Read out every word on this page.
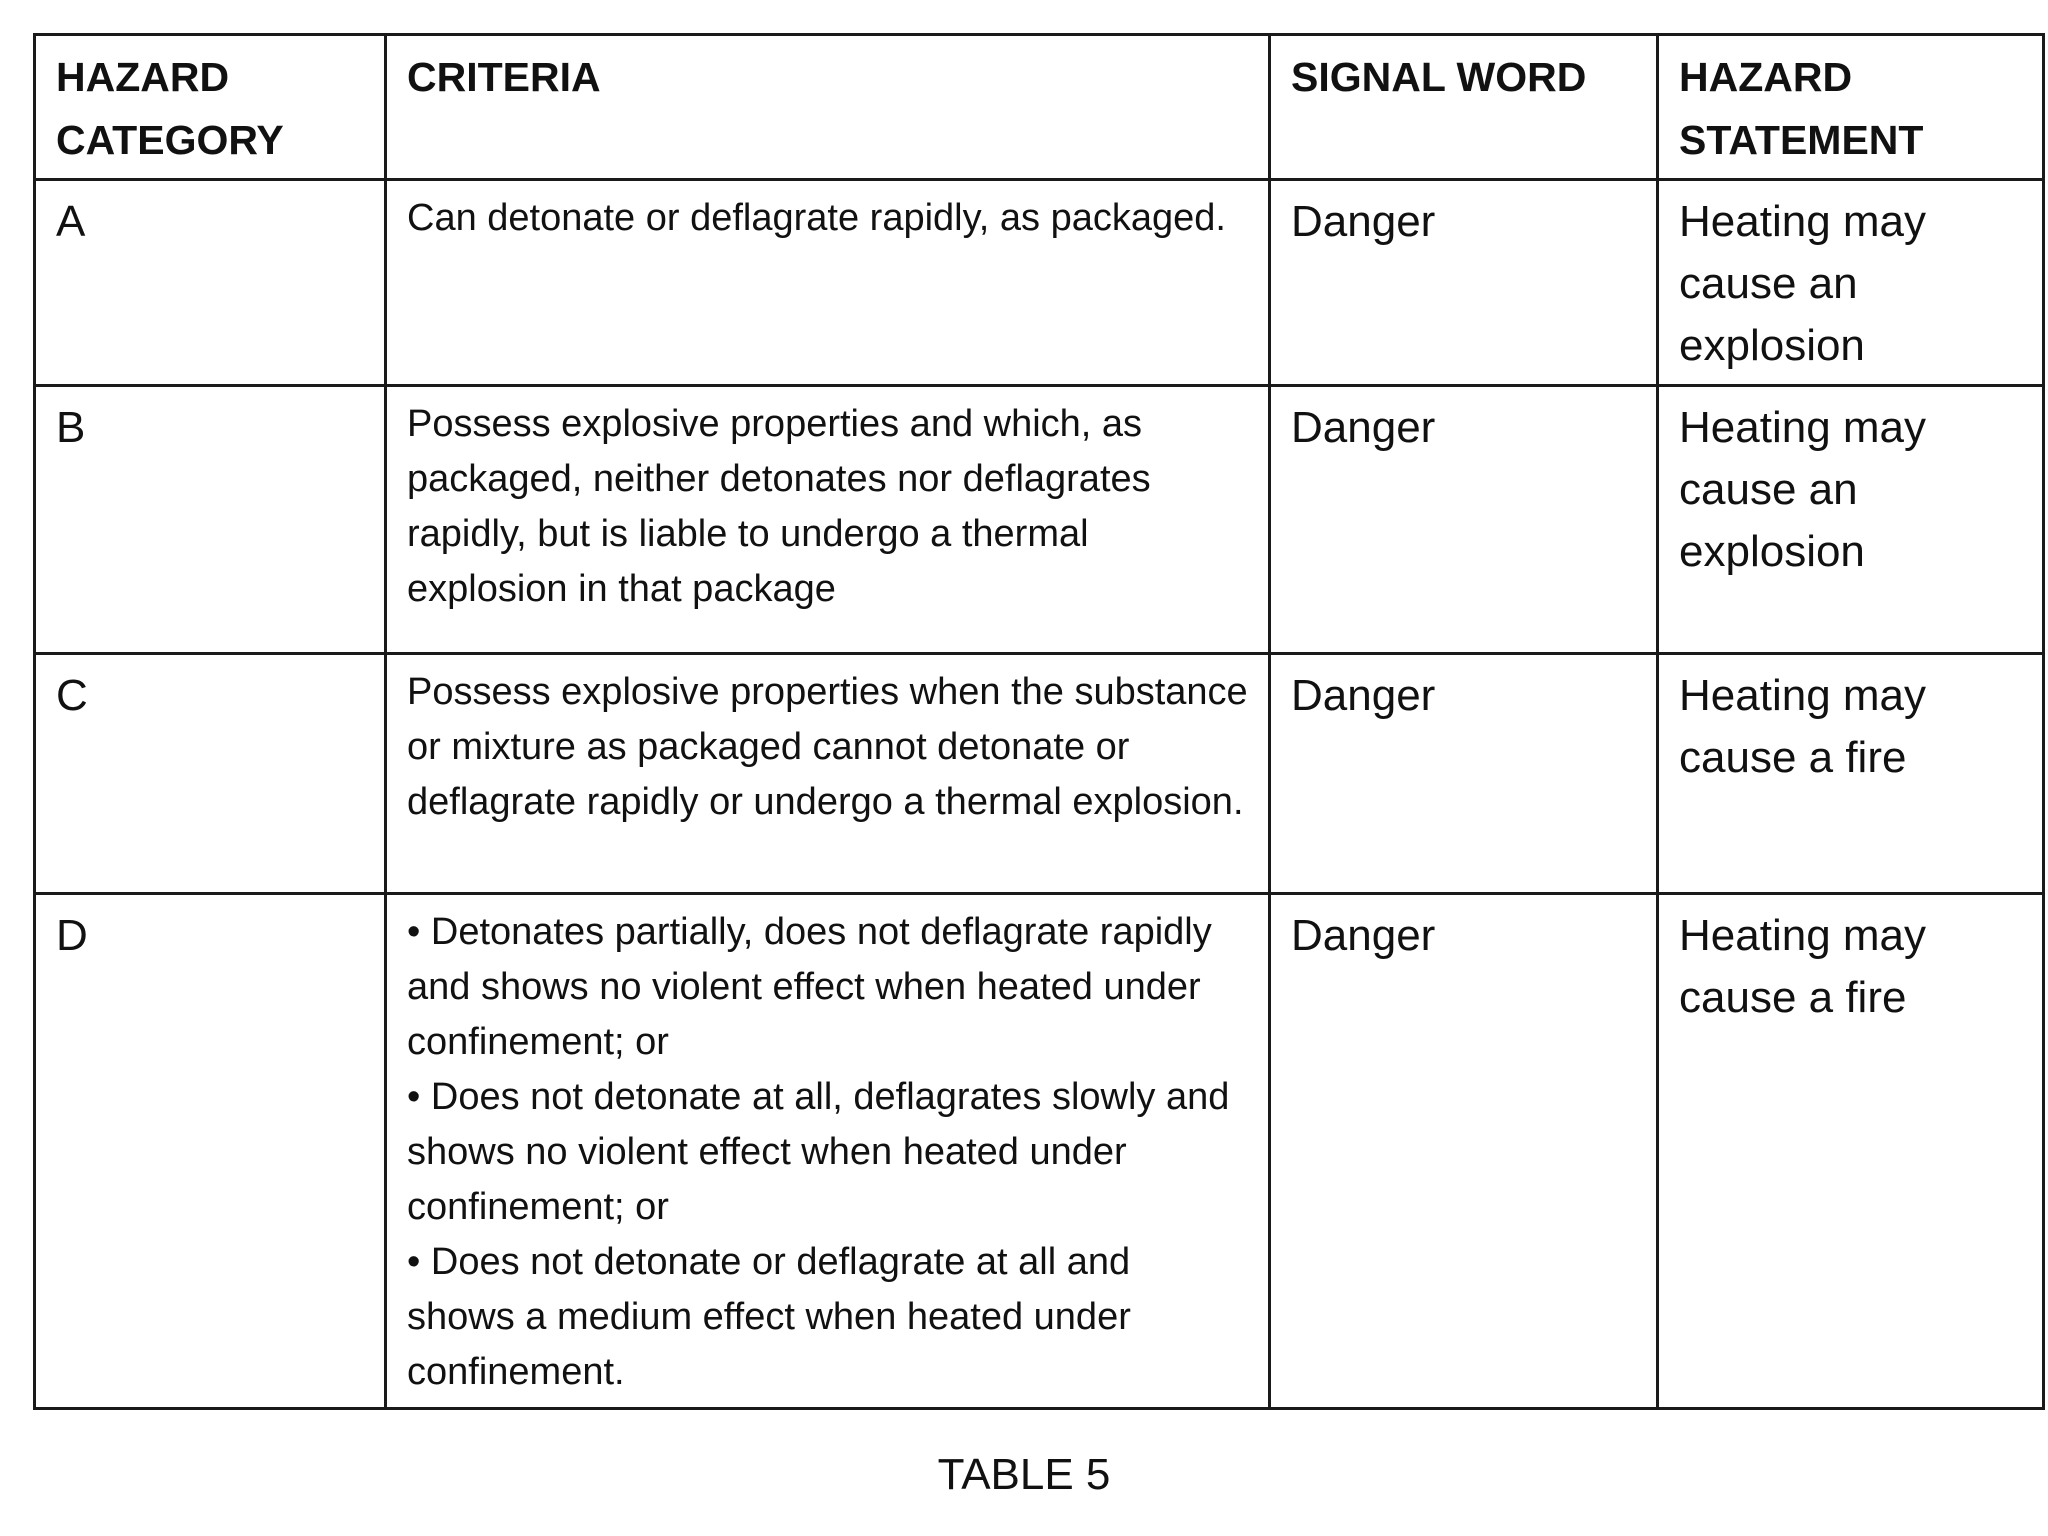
HAZARD CATEGORY	CRITERIA	SIGNAL WORD	HAZARD STATEMENT
A	Can detonate or deflagrate rapidly, as packaged.	Danger	Heating may cause an explosion
B	Possess explosive properties and which, as packaged, neither detonates nor deflagrates rapidly, but is liable to undergo a thermal explosion in that package	Danger	Heating may cause an explosion
C	Possess explosive properties when the substance or mixture as packaged cannot detonate or deflagrate rapidly or undergo a thermal explosion.	Danger	Heating may cause a fire
D	• Detonates partially, does not deflagrate rapidly and shows no violent effect when heated under confinement; or
• Does not detonate at all, deflagrates slowly and shows no violent effect when heated under confinement; or
• Does not detonate or deflagrate at all and shows a medium effect when heated under confinement.	Danger	Heating may cause a fire

TABLE 5
